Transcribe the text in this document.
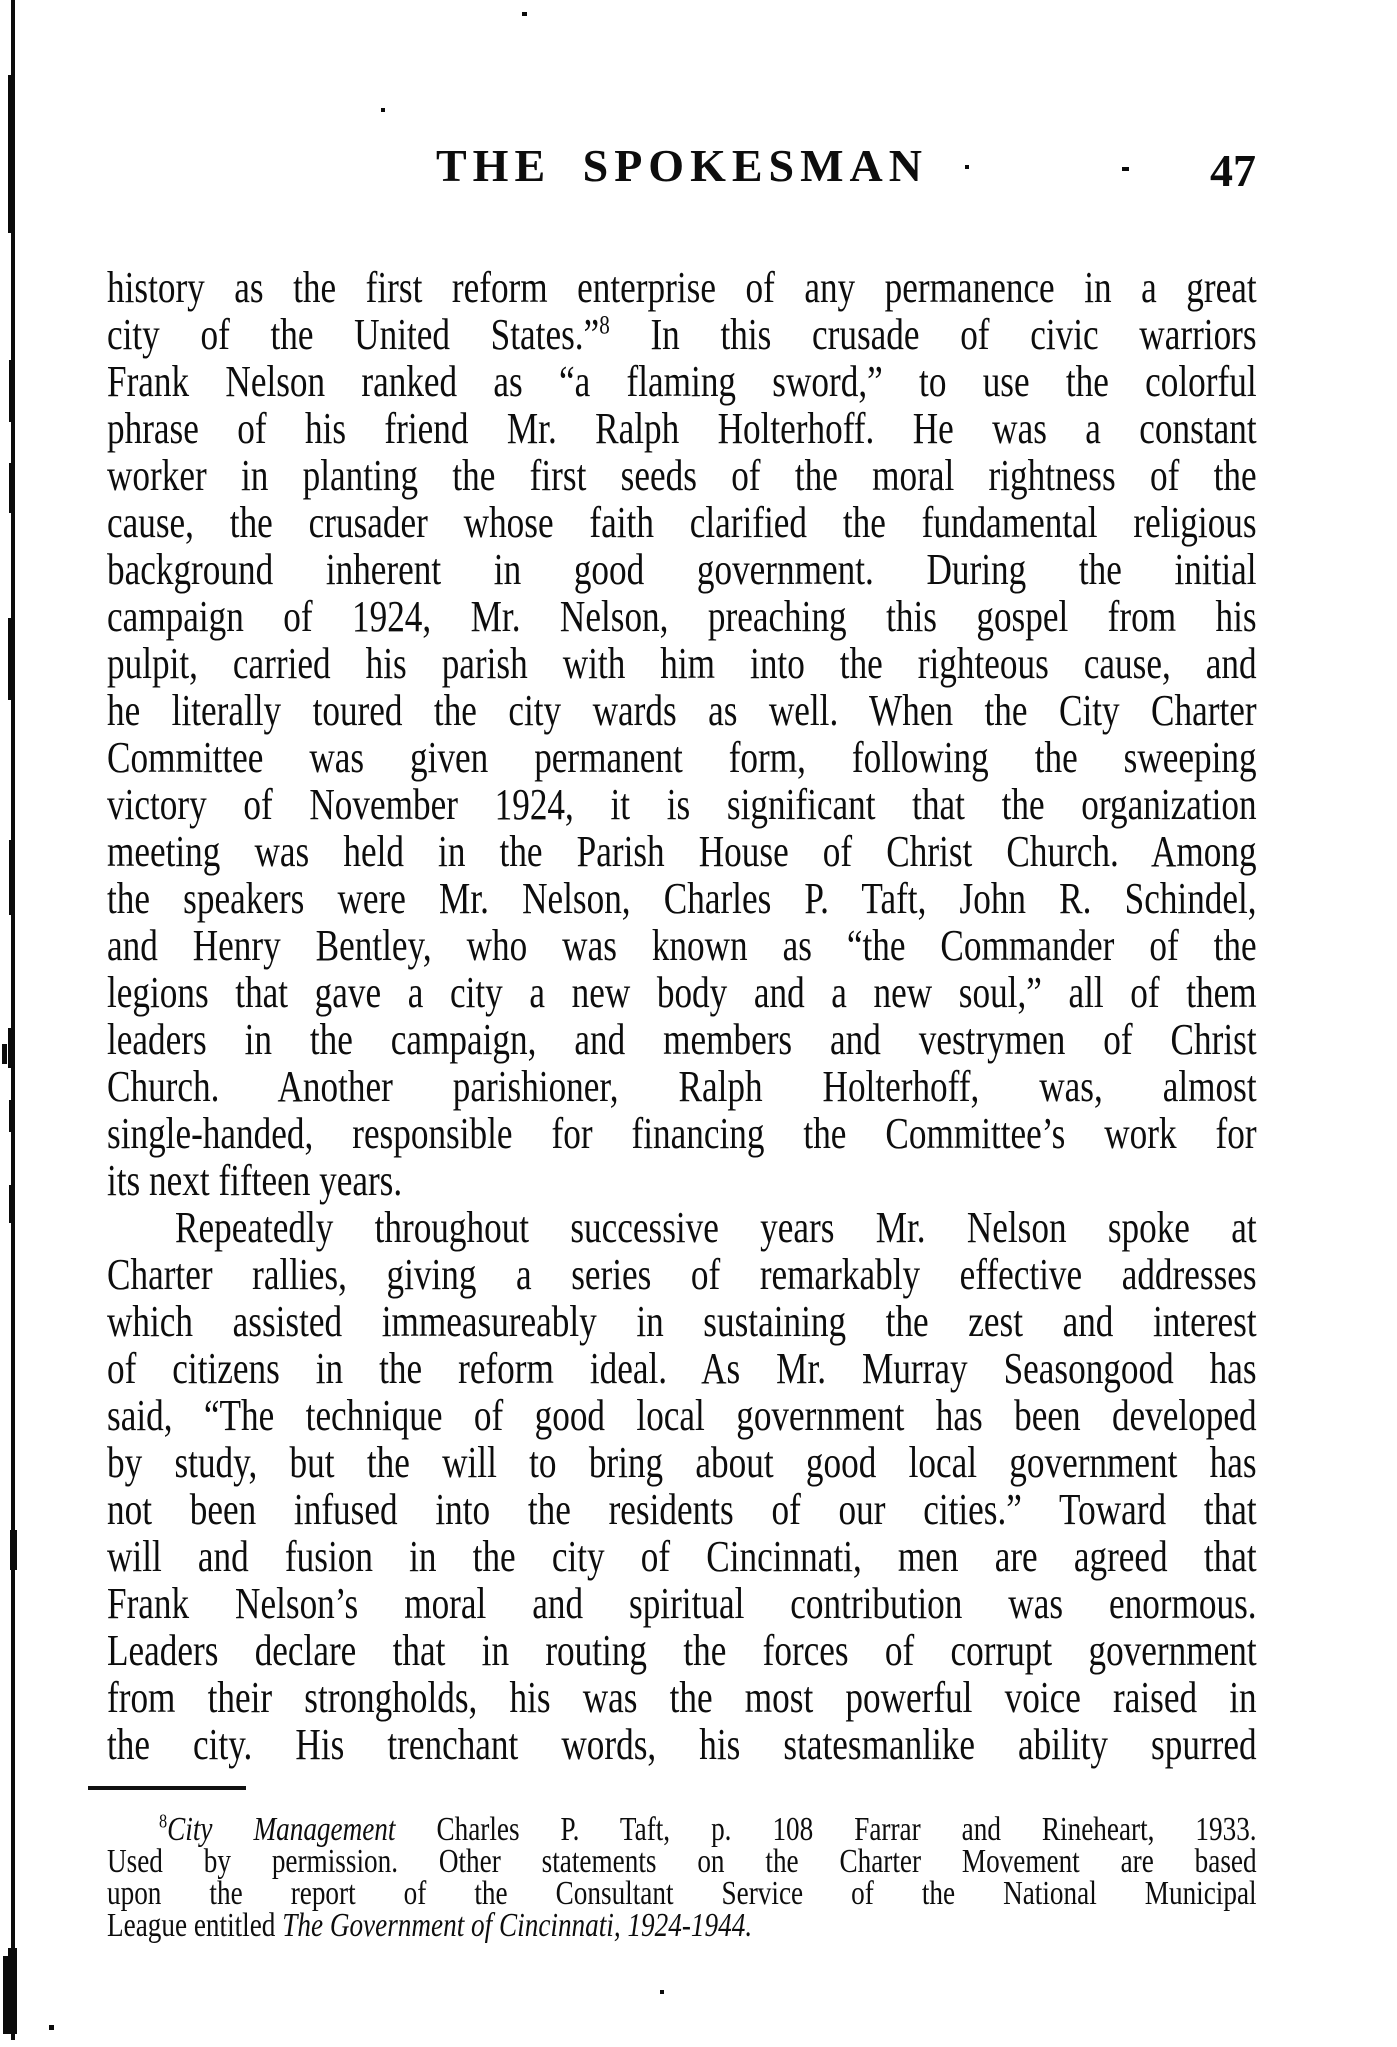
THE SPOKESMAN	47
history as the first reform enterprise of any permanence in a great
city of the United States.”$^8$ In this crusade of civic warriors
Frank Nelson ranked as “a flaming sword,” to use the colorful
phrase of his friend Mr. Ralph Holterhoff. He was a constant
worker in planting the first seeds of the moral rightness of the
cause, the crusader whose faith clarified the fundamental religious
background inherent in good government. During the initial
campaign of 1924, Mr. Nelson, preaching this gospel from his
pulpit, carried his parish with him into the righteous cause, and
he literally toured the city wards as well. When the City Charter
Committee was given permanent form, following the sweeping
victory of November 1924, it is significant that the organization
meeting was held in the Parish House of Christ Church. Among
the speakers were Mr. Nelson, Charles P. Taft, John R. Schindel,
and Henry Bentley, who was known as “the Commander of the
legions that gave a city a new body and a new soul,” all of them
leaders in the campaign, and members and vestrymen of Christ
Church. Another parishioner, Ralph Holterhoff, was, almost
single-handed, responsible for financing the Committee’s work for
its next fifteen years.
Repeatedly throughout successive years Mr. Nelson spoke at
Charter rallies, giving a series of remarkably effective addresses
which assisted immeasureably in sustaining the zest and interest
of citizens in the reform ideal. As Mr. Murray Seasongood has
said, “The technique of good local government has been developed
by study, but the will to bring about good local government has
not been infused into the residents of our cities.” Toward that
will and fusion in the city of Cincinnati, men are agreed that
Frank Nelson’s moral and spiritual contribution was enormous.
Leaders declare that in routing the forces of corrupt government
from their strongholds, his was the most powerful voice raised in
the city. His trenchant words, his statesmanlike ability spurred
$^8$City Management Charles P. Taft, p. 108 Farrar and Rineheart, 1933.
Used by permission. Other statements on the Charter Movement are based
upon the report of the Consultant Service of the National Municipal
League entitled The Government of Cincinnati, 1924-1944.
